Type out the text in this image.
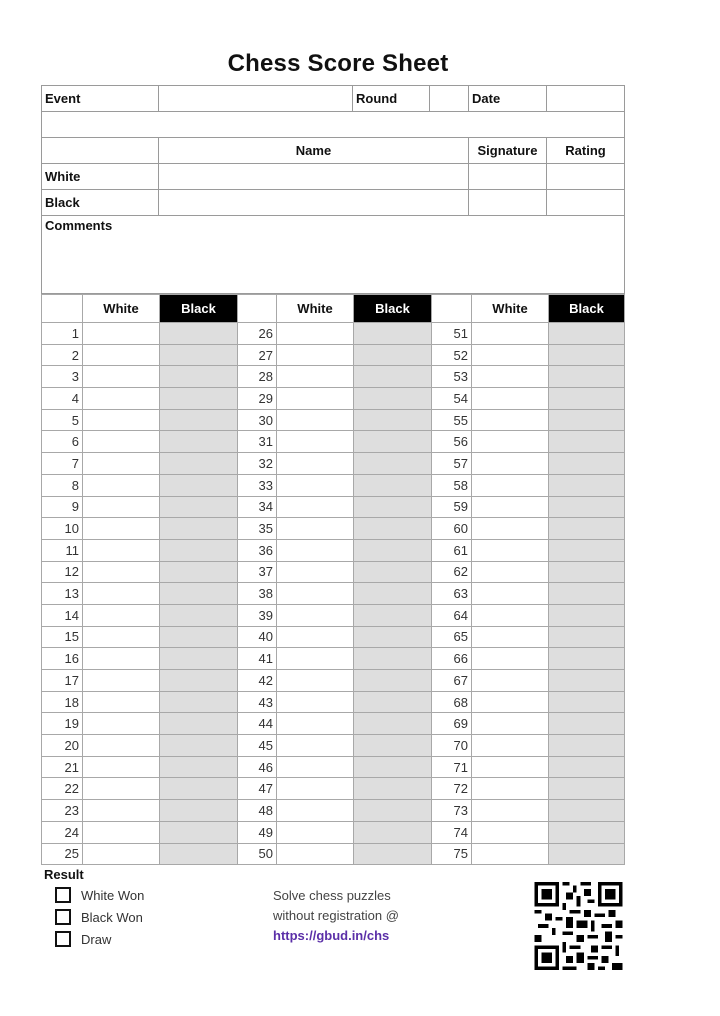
Chess Score Sheet
Event		Round		Date	

	Name			Signature	Rating
White					
Black					
Comments					
	White	Black		White	Black		White	Black
1			26			51		
2			27			52		
3			28			53		
4			29			54		
5			30			55		
6			31			56		
7			32			57		
8			33			58		
9			34			59		
10			35			60		
11			36			61		
12			37			62		
13			38			63		
14			39			64		
15			40			65		
16			41			66		
17			42			67		
18			43			68		
19			44			69		
20			45			70		
21			46			71		
22			47			72		
23			48			73		
24			49			74		
25			50			75		
Result
White Won
Black Won
Draw
Solve chess puzzles
without registration @
https://gbud.in/chs
